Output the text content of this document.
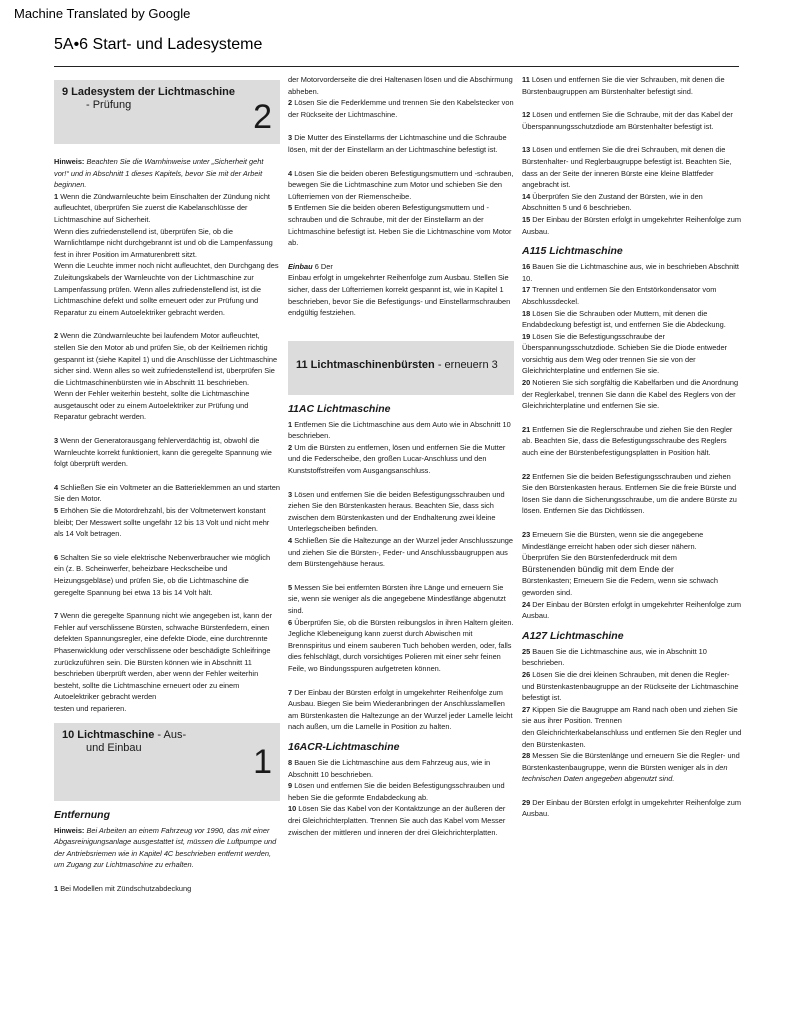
Machine Translated by Google
5A•6 Start- und Ladesysteme
9 Ladesystem der Lichtmaschine
- Prüfung	2

Hinweis: Beachten Sie die Warnhinweise unter „Sicherheit geht vor!“ und in Abschnitt 1 dieses Kapitels, bevor Sie mit der Arbeit beginnen.

1 Wenn die Zündwarnleuchte beim Einschalten der Zündung nicht aufleuchtet, überprüfen Sie zuerst die Kabelanschlüsse der Lichtmaschine auf Sicherheit.

Wenn dies zufriedenstellend ist, überprüfen Sie, ob die Warnlichtlampe nicht durchgebrannt ist und ob die Lampenfassung fest in ihrer Position im Armaturenbrett sitzt.

Wenn die Leuchte immer noch nicht aufleuchtet, den Durchgang des Zuleitungskabels der Warnleuchte von der Lichtmaschine zur Lampenfassung prüfen. Wenn alles zufriedenstellend ist, ist die Lichtmaschine defekt und sollte erneuert oder zur Prüfung und Reparatur zu einem Autoelektriker gebracht werden.

2 Wenn die Zündwarnleuchte bei laufendem Motor aufleuchtet, stellen Sie den Motor ab und prüfen Sie, ob der Keilriemen richtig gespannt ist (siehe Kapitel 1) und die Anschlüsse der Lichtmaschine sicher sind. Wenn alles so weit zufriedenstellend ist, überprüfen Sie die Lichtmaschinenbürsten wie in Abschnitt 11 beschrieben.

Wenn der Fehler weiterhin besteht, sollte die Lichtmaschine ausgetauscht oder zu einem Autoelektriker zur Prüfung und Reparatur gebracht werden.

3 Wenn der Generatorausgang fehlerverdächtig ist, obwohl die Warnleuchte korrekt funktioniert, kann die geregelte Spannung wie folgt überprüft werden.

4 Schließen Sie ein Voltmeter an die Batterieklemmen an und starten Sie den Motor.

5 Erhöhen Sie die Motordrehzahl, bis der Voltmeterwert konstant bleibt; Der Messwert sollte ungefähr 12 bis 13 Volt und nicht mehr als 14 Volt betragen.

6 Schalten Sie so viele elektrische Nebenverbraucher wie möglich ein (z. B. Scheinwerfer, beheizbare Heckscheibe und Heizungsgebläse) und prüfen Sie, ob die Lichtmaschine die geregelte Spannung bei etwa 13 bis 14 Volt hält.

7 Wenn die geregelte Spannung nicht wie angegeben ist, kann der Fehler auf verschlissene Bürsten, schwache Bürstenfedern, einen defekten Spannungsregler, eine defekte Diode, eine durchtrennte Phasenwicklung oder verschlissene oder beschädigte Schleifringe zurückzuführen sein. Die Bürsten können wie in Abschnitt 11 beschrieben überprüft werden, aber wenn der Fehler weiterhin besteht, sollte die Lichtmaschine erneuert oder zu einem Autoelektriker gebracht werden

testen und reparieren.

10 Lichtmaschine - Aus-
und Einbau	1
Entfernung

Hinweis: Bei Arbeiten an einem Fahrzeug vor 1990, das mit einer Abgasreinigungsanlage ausgestattet ist, müssen die Luftpumpe und der Antriebsriemen wie in Kapitel 4C beschrieben entfernt werden, um Zugang zur Lichtmaschine zu erhalten.

1 Bei Modellen mit Zündschutzabdeckung

der Motorvorderseite die drei Haltenasen lösen und die Abschirmung abheben.

2 Lösen Sie die Federklemme und trennen Sie den Kabelstecker von der Rückseite der Lichtmaschine.

3 Die Mutter des Einstellarms der Lichtmaschine und die Schraube lösen, mit der der Einstellarm an der Lichtmaschine befestigt ist.

4 Lösen Sie die beiden oberen Befestigungsmuttern und -schrauben, bewegen Sie die Lichtmaschine zum Motor und schieben Sie den Lüfterriemen von der Riemenscheibe.

5 Entfernen Sie die beiden oberen Befestigungsmuttern und -schrauben und die Schraube, mit der der Einstellarm an der Lichtmaschine befestigt ist. Heben Sie die Lichtmaschine vom Motor ab.

Einbau 6 Der

Einbau erfolgt in umgekehrter Reihenfolge zum Ausbau. Stellen Sie sicher, dass der Lüfterriemen korrekt gespannt ist, wie in Kapitel 1 beschrieben, bevor Sie die Befestigungs- und Einstellarmschrauben endgültig festziehen.

11 Lichtmaschinenbürsten - erneuern 3
11AC Lichtmaschine

1 Entfernen Sie die Lichtmaschine aus dem Auto wie in Abschnitt 10 beschrieben.

2 Um die Bürsten zu entfernen, lösen und entfernen Sie die Mutter und die Federscheibe, den großen Lucar-Anschluss und den Kunststoffstreifen vom Ausgangsanschluss.

3 Lösen und entfernen Sie die beiden Befestigungsschrauben und ziehen Sie den Bürstenkasten heraus. Beachten Sie, dass sich zwischen dem Bürstenkasten und der Endhalterung zwei kleine Unterlegscheiben befinden.

4 Schließen Sie die Haltezunge an der Wurzel jeder Anschlusszunge und ziehen Sie die Bürsten-, Feder- und Anschlussbaugruppen aus dem Bürstengehäuse heraus.

5 Messen Sie bei entfernten Bürsten ihre Länge und erneuern Sie sie, wenn sie weniger als die angegebene Mindestlänge abgenutzt sind.

6 Überprüfen Sie, ob die Bürsten reibungslos in ihren Haltern gleiten. Jegliche Klebeneigung kann zuerst durch Abwischen mit Brennspiritus und einem sauberen Tuch behoben werden, oder, falls dies fehlschlägt, durch vorsichtiges Polieren mit einer sehr feinen Feile, wo Bindungsspuren aufgetreten können.

7 Der Einbau der Bürsten erfolgt in umgekehrter Reihenfolge zum Ausbau. Biegen Sie beim Wiederanbringen der Anschlusslamellen am Bürstenkasten die Haltezunge an der Wurzel jeder Lamelle leicht nach außen, um die Lamelle in Position zu halten.

16ACR-Lichtmaschine

8 Bauen Sie die Lichtmaschine aus dem Fahrzeug aus, wie in Abschnitt 10 beschrieben.

9 Lösen und entfernen Sie die beiden Befestigungsschrauben und heben Sie die geformte Endabdeckung ab.

10 Lösen Sie das Kabel von der Kontaktzunge an der äußeren der drei Gleichrichterplatten. Trennen Sie auch das Kabel vom Messer zwischen der mittleren und inneren der drei Gleichrichterplatten.

11 Lösen und entfernen Sie die vier Schrauben, mit denen die Bürstenbaugruppen am Bürstenhalter befestigt sind.

12 Lösen und entfernen Sie die Schraube, mit der das Kabel der Überspannungsschutzdiode am Bürstenhalter befestigt ist.

13 Lösen und entfernen Sie die drei Schrauben, mit denen die Bürstenhalter- und Reglerbaugruppe befestigt ist. Beachten Sie, dass an der Seite der inneren Bürste eine kleine Blattfeder angebracht ist.

14 Überprüfen Sie den Zustand der Bürsten, wie in den Abschnitten 5 und 6 beschrieben.

15 Der Einbau der Bürsten erfolgt in umgekehrter Reihenfolge zum Ausbau.

A115 Lichtmaschine

16 Bauen Sie die Lichtmaschine aus, wie in beschrieben Abschnitt 10.

17 Trennen und entfernen Sie den Entstörkondensator vom Abschlussdeckel.

18 Lösen Sie die Schrauben oder Muttern, mit denen die Endabdeckung befestigt ist, und entfernen Sie die Abdeckung.

19 Lösen Sie die Befestigungsschraube der Überspannungsschutzdiode. Schieben Sie die Diode entweder vorsichtig aus dem Weg oder trennen Sie sie von der Gleichrichterplatine und entfernen Sie sie.

20 Notieren Sie sich sorgfältig die Kabelfarben und die Anordnung der Reglerkabel, trennen Sie dann die Kabel des Reglers von der Gleichrichterplatine und entfernen Sie sie.

21 Entfernen Sie die Reglerschraube und ziehen Sie den Regler ab. Beachten Sie, dass die Befestigungsschraube des Reglers auch eine der Bürstenbefestigungsplatten in Position hält.

22 Entfernen Sie die beiden Befestigungsschrauben und ziehen Sie den Bürstenkasten heraus. Entfernen Sie die freie Bürste und lösen Sie dann die Sicherungsschraube, um die andere Bürste zu lösen. Entfernen Sie das Dichtkissen.

23 Erneuern Sie die Bürsten, wenn sie die angegebene Mindestlänge erreicht haben oder sich dieser nähern.

Überprüfen Sie den Bürstenfederdruck mit dem

Bürstenenden bündig mit dem Ende der

Bürstenkasten; Erneuern Sie die Federn, wenn sie schwach geworden sind.

24 Der Einbau der Bürsten erfolgt in umgekehrter Reihenfolge zum Ausbau.

A127 Lichtmaschine

25 Bauen Sie die Lichtmaschine aus, wie in Abschnitt 10 beschrieben.

26 Lösen Sie die drei kleinen Schrauben, mit denen die Regler- und Bürstenkastenbaugruppe an der Rückseite der Lichtmaschine befestigt ist.

27 Kippen Sie die Baugruppe am Rand nach oben und ziehen Sie sie aus ihrer Position. Trennen

den Gleichrichterkabelanschluss und entfernen Sie den Regler und den Bürstenkasten.

28 Messen Sie die Bürstenlänge und erneuern Sie die Regler- und Bürstenkastenbaugruppe, wenn die Bürsten weniger als in den technischen Daten angegeben abgenutzt sind.

29 Der Einbau der Bürsten erfolgt in umgekehrter Reihenfolge zum Ausbau.
